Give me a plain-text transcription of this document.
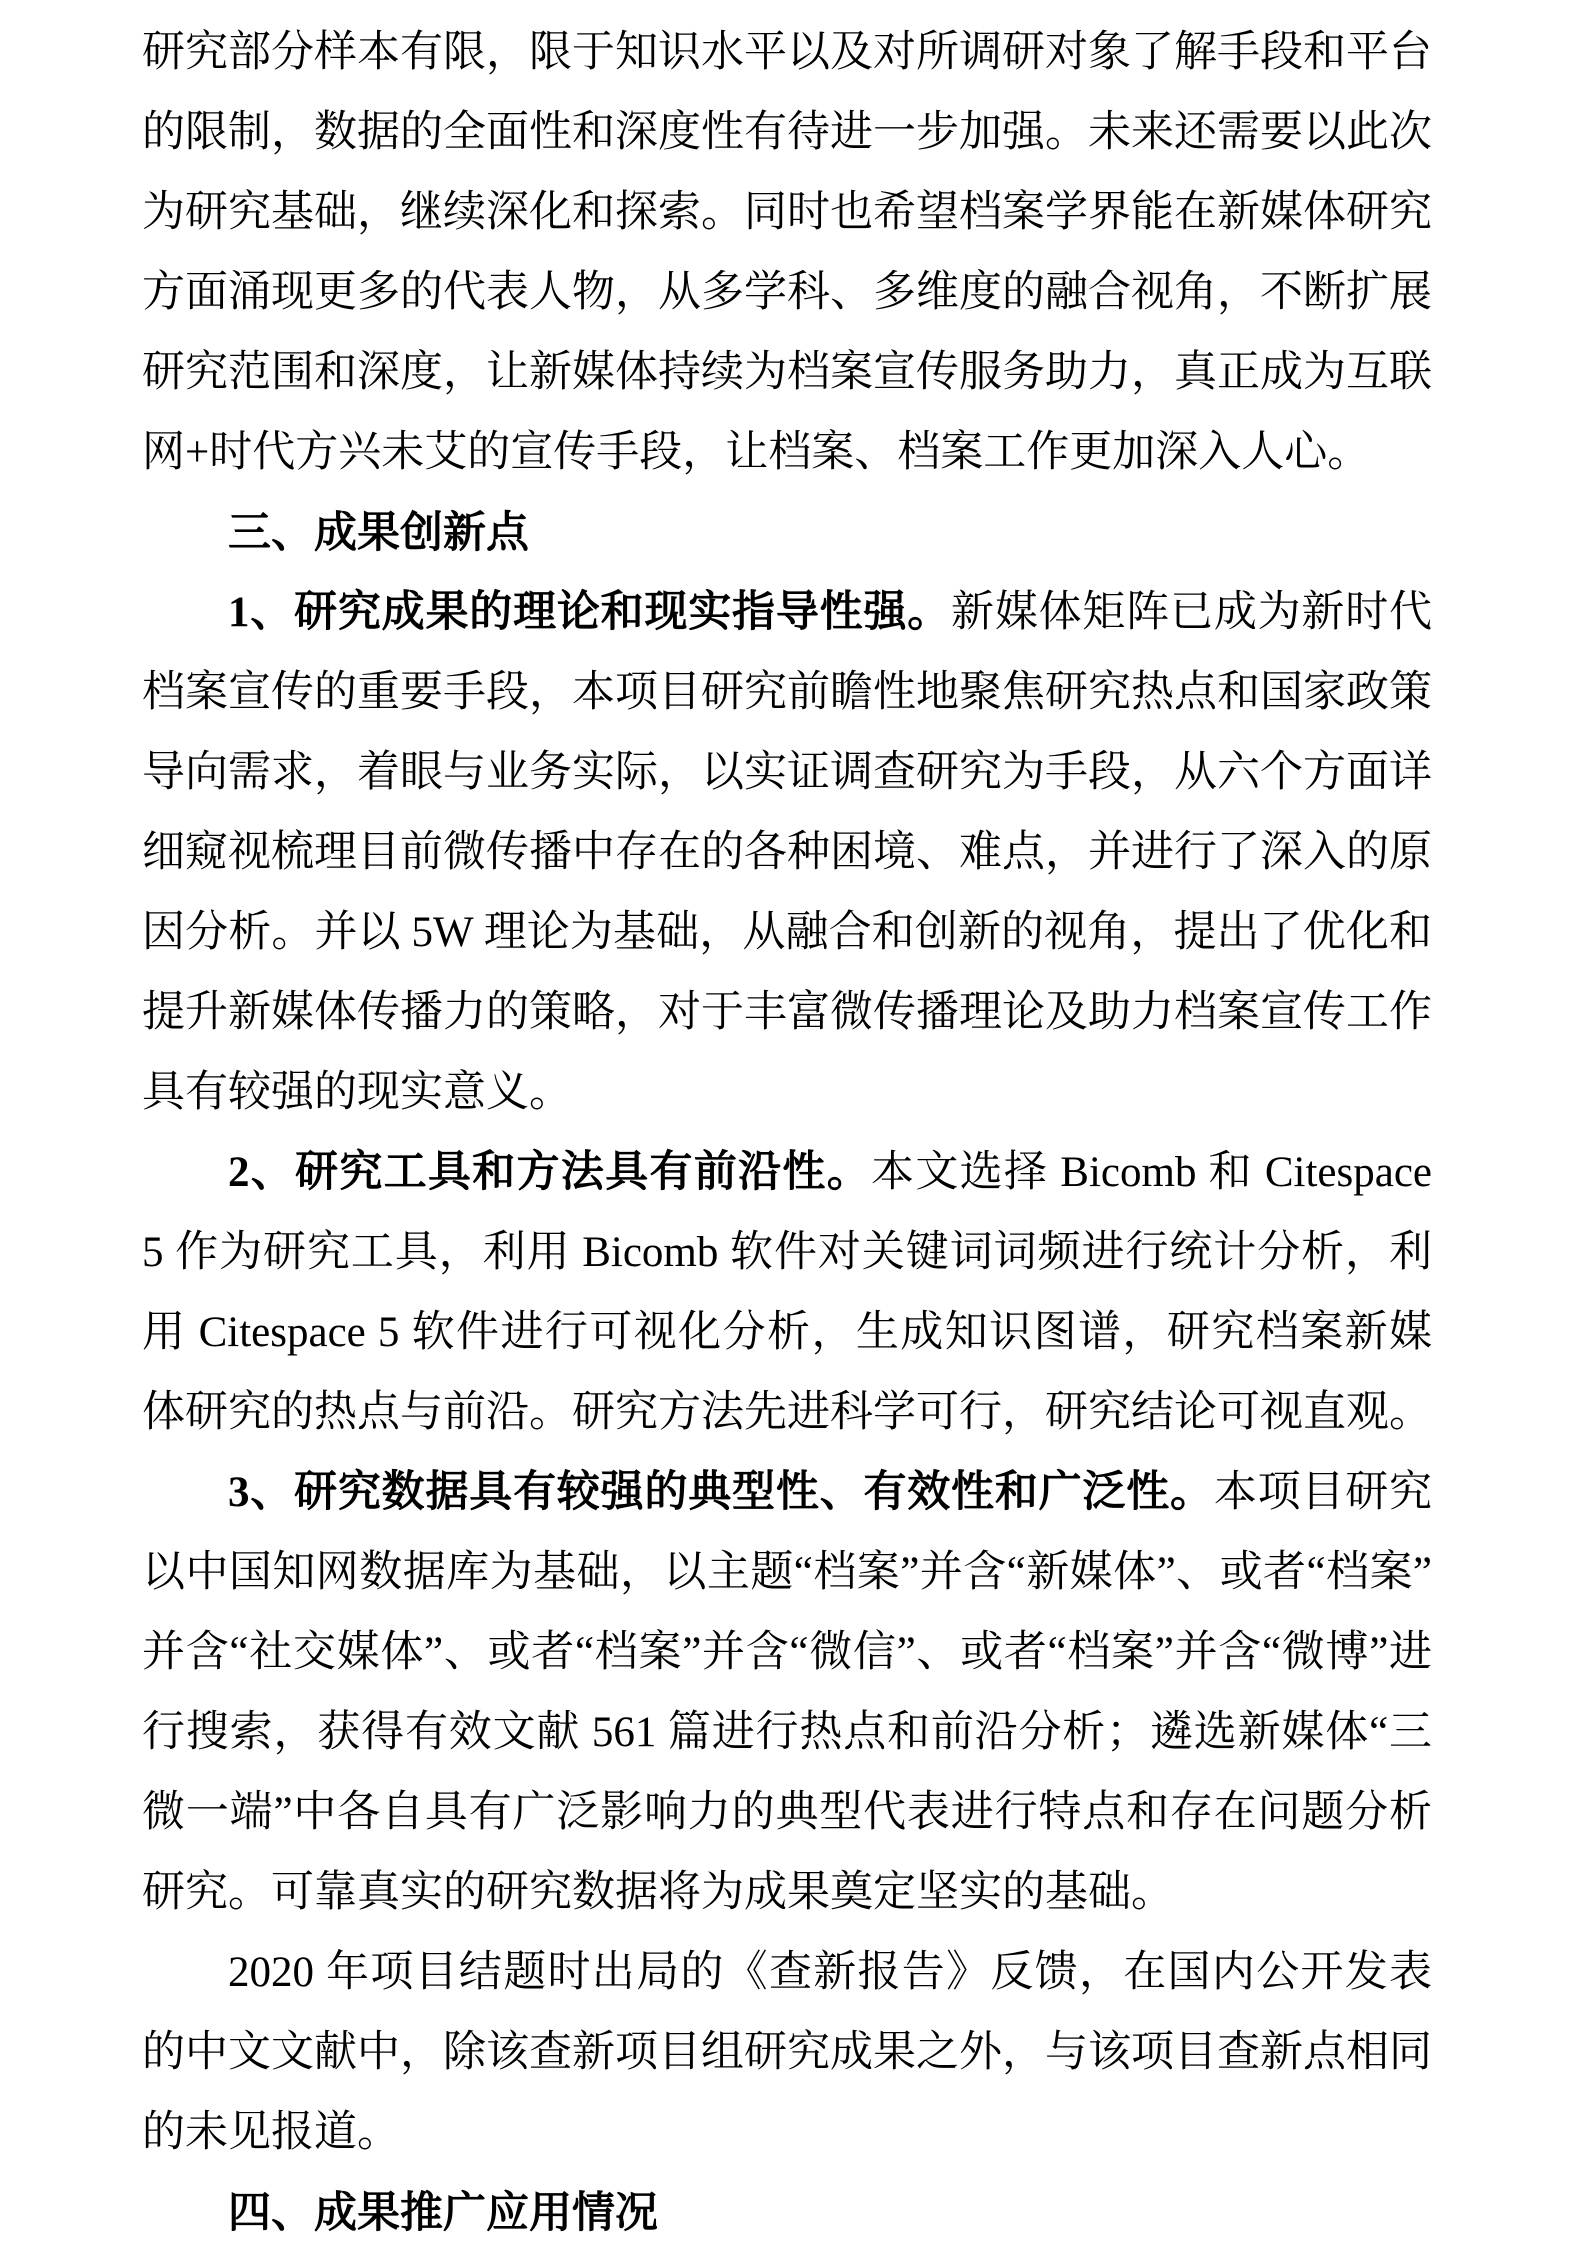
研究部分样本有限，限于知识水平以及对所调研对象了解手段和平台的限制，数据的全面性和深度性有待进一步加强。未来还需要以此次为研究基础，继续深化和探索。同时也希望档案学界能在新媒体研究方面涌现更多的代表人物，从多学科、多维度的融合视角，不断扩展研究范围和深度，让新媒体持续为档案宣传服务助力，真正成为互联网+时代方兴未艾的宣传手段，让档案、档案工作更加深入人心。

三、成果创新点

1、研究成果的理论和现实指导性强。新媒体矩阵已成为新时代档案宣传的重要手段，本项目研究前瞻性地聚焦研究热点和国家政策导向需求，着眼与业务实际，以实证调查研究为手段，从六个方面详细窥视梳理目前微传播中存在的各种困境、难点，并进行了深入的原因分析。并以 5W 理论为基础，从融合和创新的视角，提出了优化和提升新媒体传播力的策略，对于丰富微传播理论及助力档案宣传工作具有较强的现实意义。

2、研究工具和方法具有前沿性。本文选择 Bicomb 和 Citespace 5 作为研究工具，利用 Bicomb 软件对关键词词频进行统计分析，利用 Citespace 5 软件进行可视化分析，生成知识图谱，研究档案新媒体研究的热点与前沿。研究方法先进科学可行，研究结论可视直观。

3、研究数据具有较强的典型性、有效性和广泛性。本项目研究以中国知网数据库为基础，以主题“档案”并含“新媒体”、或者“档案”并含“社交媒体”、或者“档案”并含“微信”、或者“档案”并含“微博”进行搜索，获得有效文献 561 篇进行热点和前沿分析；遴选新媒体“三微一端”中各自具有广泛影响力的典型代表进行特点和存在问题分析研究。可靠真实的研究数据将为成果奠定坚实的基础。

2020 年项目结题时出局的《查新报告》反馈，在国内公开发表的中文文献中，除该查新项目组研究成果之外，与该项目查新点相同的未见报道。

四、成果推广应用情况
